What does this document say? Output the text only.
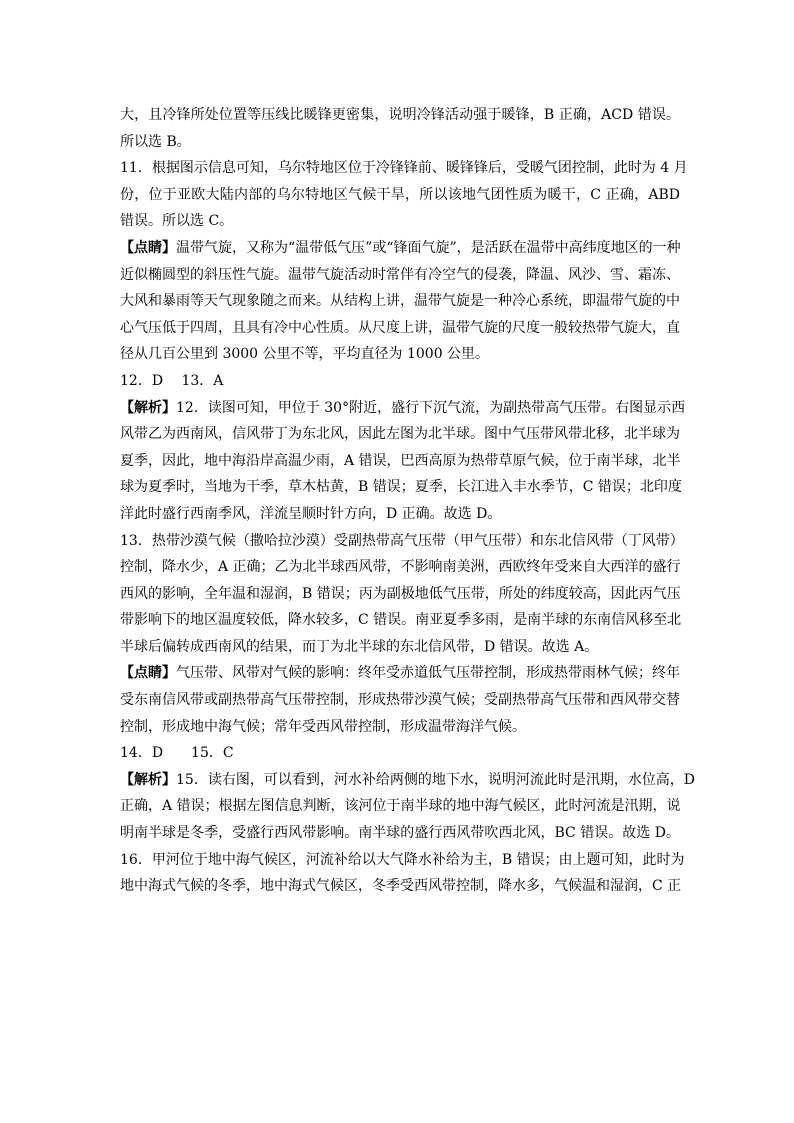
大，且冷锋所处位置等压线比暖锋更密集，说明冷锋活动强于暖锋，B 正确，ACD 错误。
所以选 B。
11．根据图示信息可知，乌尔特地区位于冷锋锋前、暖锋锋后，受暖气团控制，此时为 4 月
份，位于亚欧大陆内部的乌尔特地区气候干旱，所以该地气团性质为暖干，C 正确，ABD
错误。所以选 C。
【点睛】温带气旋，又称为“温带低气压”或“锋面气旋”，是活跃在温带中高纬度地区的一种
近似椭圆型的斜压性气旋。温带气旋活动时常伴有冷空气的侵袭，降温、风沙、雪、霜冻、
大风和暴雨等天气现象随之而来。从结构上讲，温带气旋是一种冷心系统，即温带气旋的中
心气压低于四周，且具有冷中心性质。从尺度上讲，温带气旋的尺度一般较热带气旋大，直
径从几百公里到 3000 公里不等，平均直径为 1000 公里。
12．D　 13．A
【解析】12．读图可知，甲位于 30°附近，盛行下沉气流，为副热带高气压带。右图显示西
风带乙为西南风，信风带丁为东北风，因此左图为北半球。图中气压带风带北移，北半球为
夏季，因此，地中海沿岸高温少雨，A 错误，巴西高原为热带草原气候，位于南半球，北半
球为夏季时，当地为干季，草木枯黄，B 错误；夏季，长江进入丰水季节，C 错误；北印度
洋此时盛行西南季风，洋流呈顺时针方向，D 正确。故选 D。
13．热带沙漠气候（撒哈拉沙漠）受副热带高气压带（甲气压带）和东北信风带（丁风带）
控制，降水少，A 正确；乙为北半球西风带，不影响南美洲，西欧终年受来自大西洋的盛行
西风的影响，全年温和湿润，B 错误；丙为副极地低气压带，所处的纬度较高，因此丙气压
带影响下的地区温度较低，降水较多，C 错误。南亚夏季多雨，是南半球的东南信风移至北
半球后偏转成西南风的结果，而丁为北半球的东北信风带，D 错误。故选 A。
【点睛】气压带、风带对气候的影响：终年受赤道低气压带控制，形成热带雨林气候；终年
受东南信风带或副热带高气压带控制，形成热带沙漠气候；受副热带高气压带和西风带交替
控制，形成地中海气候；常年受西风带控制，形成温带海洋气候。
14．D　　15．C
【解析】15．读右图，可以看到，河水补给两侧的地下水，说明河流此时是汛期，水位高，D
正确，A 错误；根据左图信息判断，该河位于南半球的地中海气候区，此时河流是汛期，说
明南半球是冬季，受盛行西风带影响。南半球的盛行西风带吹西北风，BC 错误。故选 D。
16．甲河位于地中海气候区，河流补给以大气降水补给为主，B 错误；由上题可知，此时为
地中海式气候的冬季，地中海式气候区，冬季受西风带控制，降水多，气候温和湿润，C 正
